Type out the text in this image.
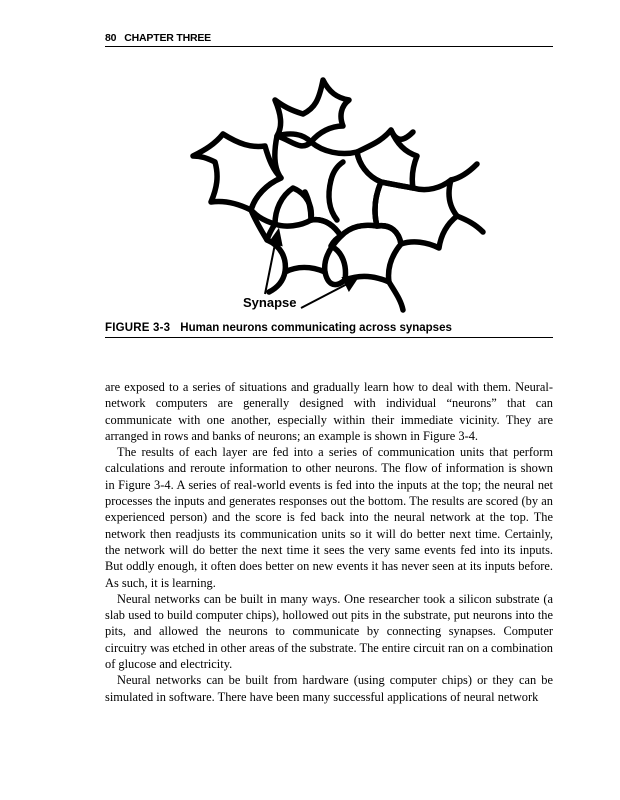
80 CHAPTER THREE
Synapse
FIGURE 3-3 Human neurons communicating across synapses

are exposed to a series of situations and gradually learn how to deal with them. Neural-network computers are generally designed with individual “neurons” that can communicate with one another, especially within their immediate vicinity. They are arranged in rows and banks of neurons; an example is shown in Figure 3-4.

The results of each layer are fed into a series of communication units that perform calculations and reroute information to other neurons. The flow of information is shown in Figure 3-4. A series of real-world events is fed into the inputs at the top; the neural net processes the inputs and generates responses out the bottom. The results are scored (by an experienced person) and the score is fed back into the neural network at the top. The network then readjusts its communication units so it will do better next time. Certainly, the network will do better the next time it sees the very same events fed into its inputs. But oddly enough, it often does better on new events it has never seen at its inputs before. As such, it is learning.

Neural networks can be built in many ways. One researcher took a silicon substrate (a slab used to build computer chips), hollowed out pits in the substrate, put neurons into the pits, and allowed the neurons to communicate by connecting synapses. Computer circuitry was etched in other areas of the substrate. The entire circuit ran on a combination of glucose and electricity.

Neural networks can be built from hardware (using computer chips) or they can be simulated in software. There have been many successful applications of neural network
